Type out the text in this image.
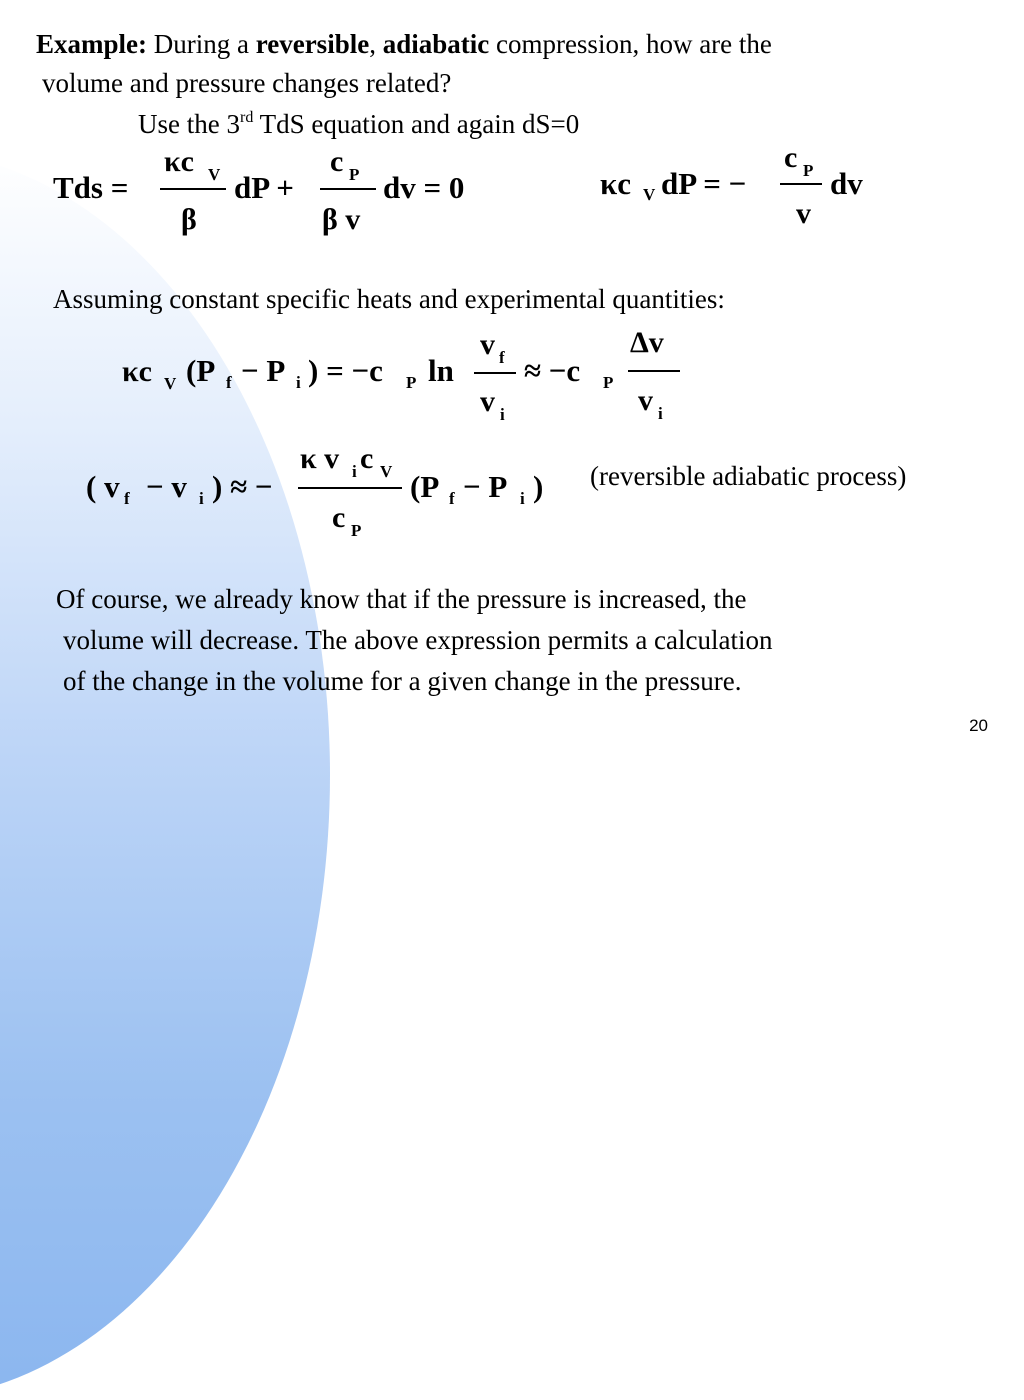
Example: During a reversible, adiabatic compression, how are the
volume and pressure changes related?
Use the 3rd TdS equation and again dS=0
Tds =
κc V
β
dP +
c P
β v
dv = 0	κc V dP = −
c P
v
dv
Assuming constant specific heats and experimental quantities:
κc V (P f − P i ) = −c P ln
v f
v i
≈ −c P
Δv
v i
( v f − v i ) ≈ −
κ v i c V
c P
(P f − P i ) (reversible adiabatic process)
Of course, we already know that if the pressure is increased, the
volume will decrease. The above expression permits a calculation
of the change in the volume for a given change in the pressure.
20
